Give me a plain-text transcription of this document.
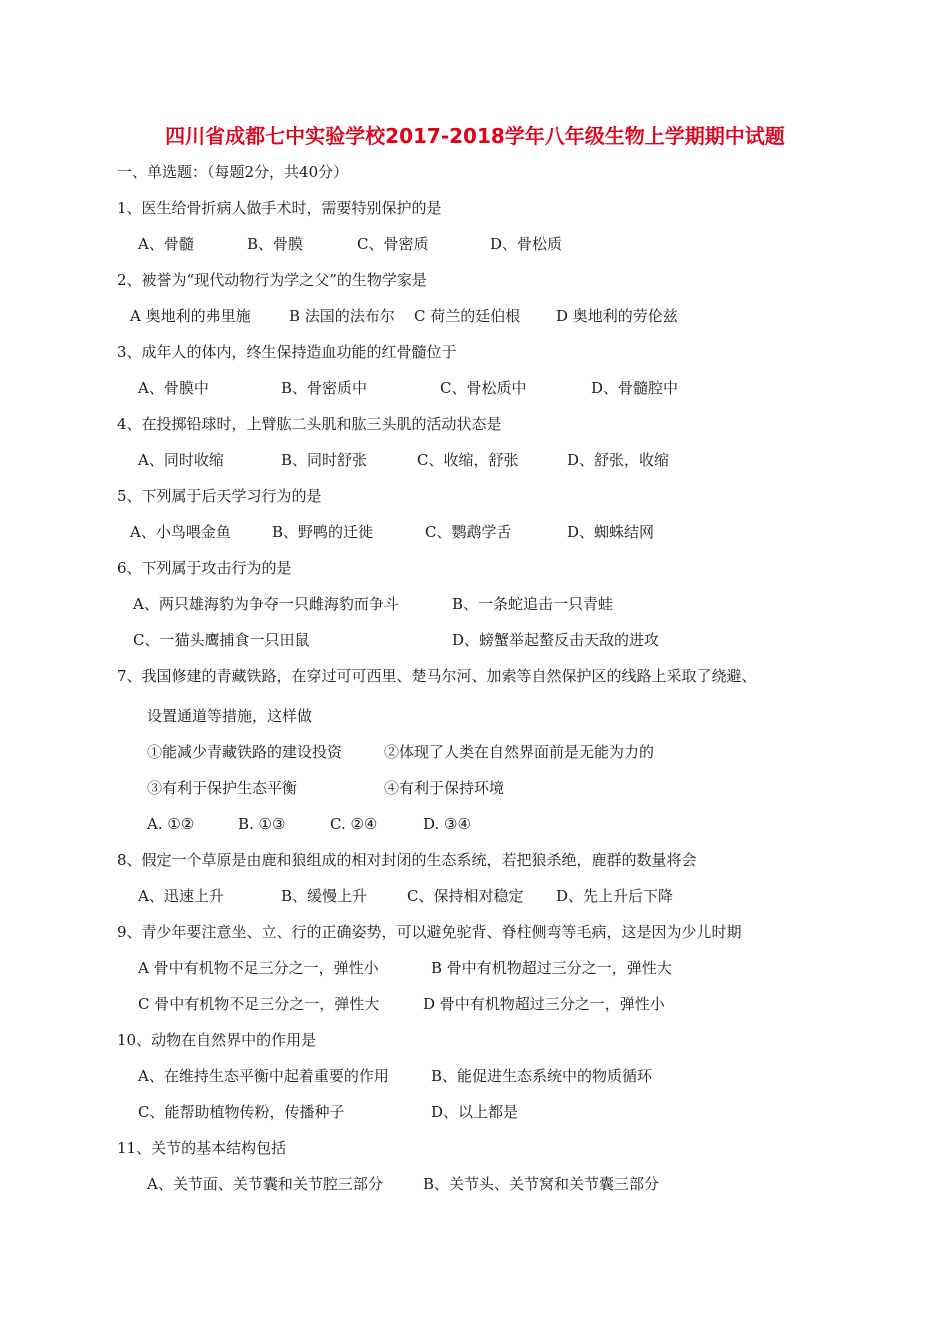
四川省成都七中实验学校2017-2018学年八年级生物上学期期中试题
一、单选题：（每题2分，共40分）
1、医生给骨折病人做手术时，需要特别保护的是
A、骨髓	B、骨膜	C、骨密质	D、骨松质
2、被誉为“现代动物行为学之父”的生物学家是
A 奥地利的弗里施	B 法国的法布尔 C 荷兰的廷伯根 D 奥地利的劳伦兹
3、成年人的体内，终生保持造血功能的红骨髓位于
A、骨膜中	B、骨密质中	C、骨松质中	D、骨髓腔中
4、在投掷铅球时，上臂肱二头肌和肱三头肌的活动状态是
A、同时收缩	B、同时舒张	C、收缩，舒张	D、舒张，收缩
5、下列属于后天学习行为的是
A、小鸟喂金鱼	B、野鸭的迁徙	C、鹦鹉学舌	D、蜘蛛结网
6、下列属于攻击行为的是
A、两只雄海豹为争夺一只雌海豹而争斗	B、一条蛇追击一只青蛙
C、一猫头鹰捕食一只田鼠	D、螃蟹举起螯反击天敌的进攻
7、我国修建的青藏铁路，在穿过可可西里、楚马尔河、加索等自然保护区的线路上采取了绕避、
设置通道等措施，这样做
①能减少青藏铁路的建设投资	②体现了人类在自然界面前是无能为力的
③有利于保护生态平衡	④有利于保持环境
A. ①②	B. ①③	C. ②④	D. ③④
8、假定一个草原是由鹿和狼组成的相对封闭的生态系统，若把狼杀绝，鹿群的数量将会
A、迅速上升	B、缓慢上升	C、保持相对稳定 D、先上升后下降
9、青少年要注意坐、立、行的正确姿势，可以避免驼背、脊柱侧弯等毛病，这是因为少儿时期
A 骨中有机物不足三分之一，弹性小	B 骨中有机物超过三分之一，弹性大
C 骨中有机物不足三分之一，弹性大	D 骨中有机物超过三分之一，弹性小
10、动物在自然界中的作用是
A、在维持生态平衡中起着重要的作用	B、能促进生态系统中的物质循环
C、能帮助植物传粉，传播种子	D、以上都是
11、关节的基本结构包括
A、关节面、关节囊和关节腔三部分	B、关节头、关节窝和关节囊三部分
